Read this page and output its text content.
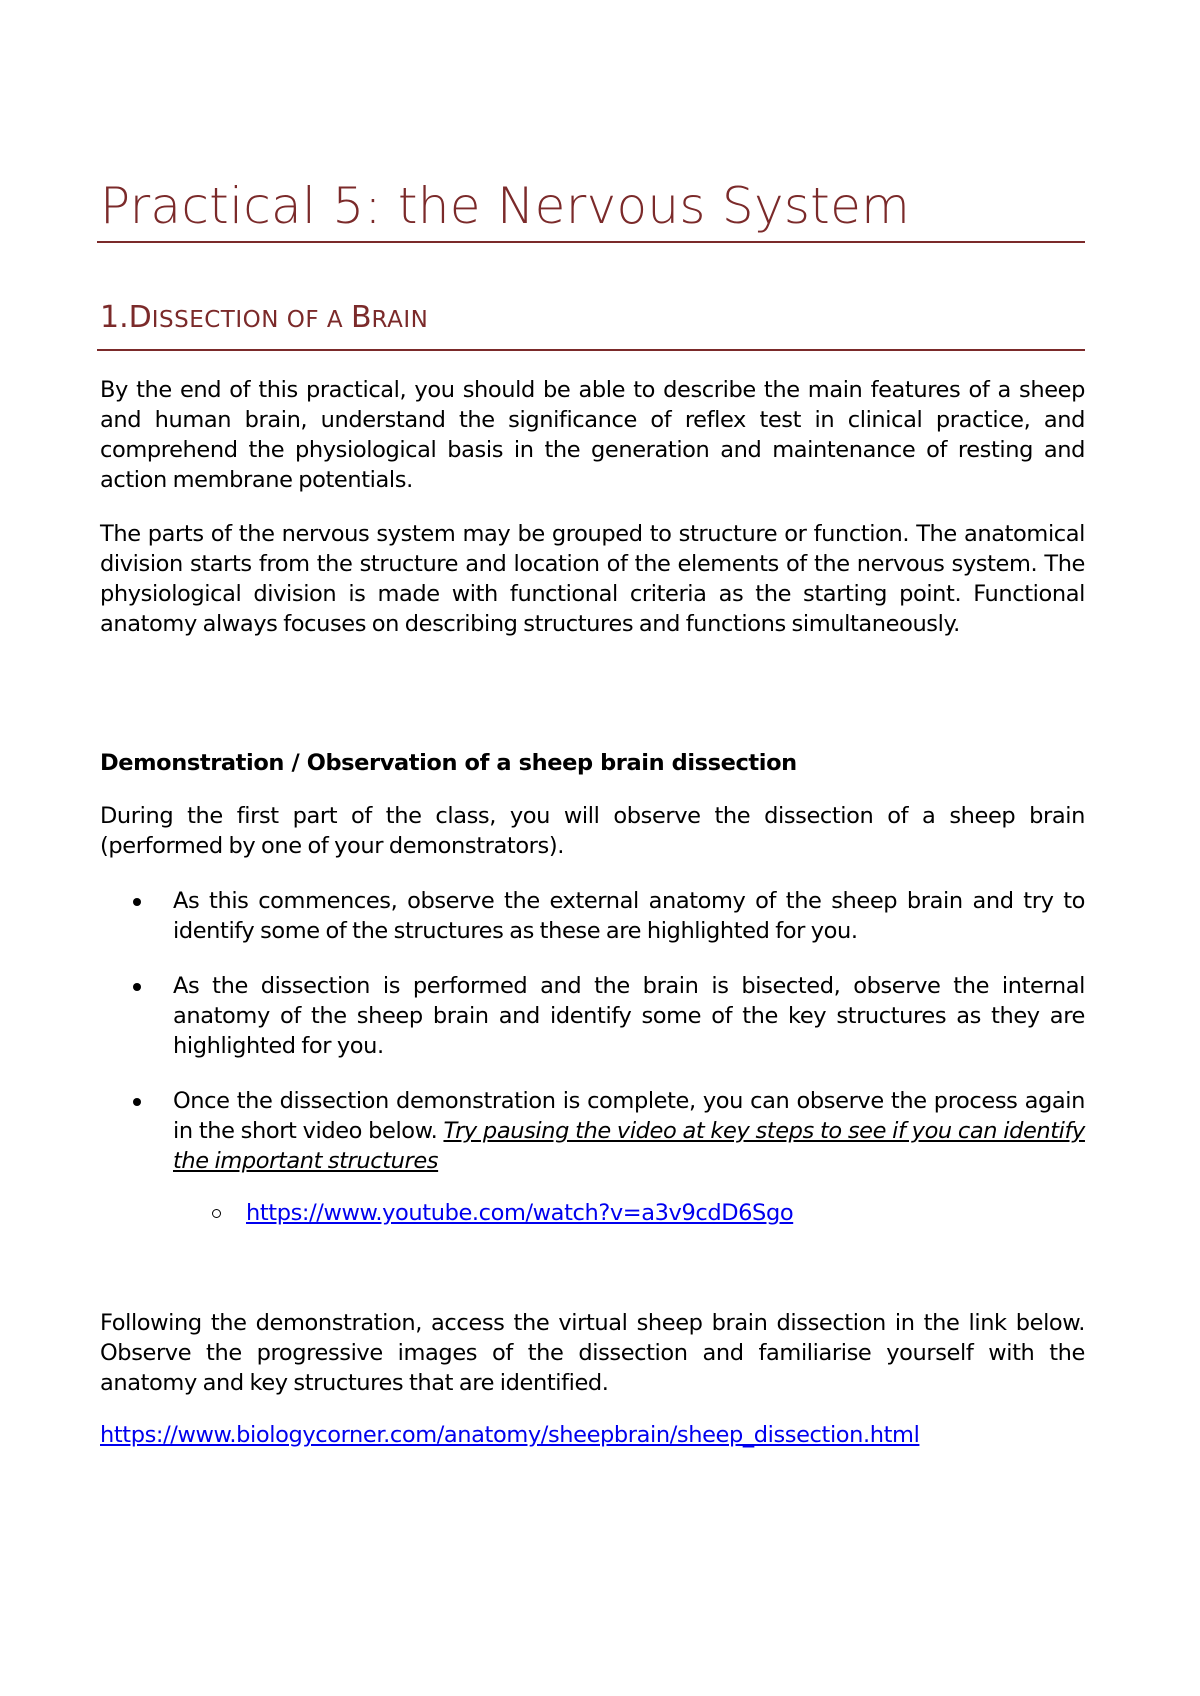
Practical 5: the Nervous System
1.DISSECTION OF A BRAIN

By the end of this practical, you should be able to describe the main features of a sheep and human brain, understand the significance of reflex test in clinical practice, and comprehend the physiological basis in the generation and maintenance of resting and action membrane potentials.

The parts of the nervous system may be grouped to structure or function. The anatomical division starts from the structure and location of the elements of the nervous system. The physiological division is made with functional criteria as the starting point. Functional anatomy always focuses on describing structures and functions simultaneously.

Demonstration / Observation of a sheep brain dissection

During the first part of the class, you will observe the dissection of a sheep brain (performed by one of your demonstrators).

As this commences, observe the external anatomy of the sheep brain and try to identify some of the structures as these are highlighted for you.
As the dissection is performed and the brain is bisected, observe the internal anatomy of the sheep brain and identify some of the key structures as they are highlighted for you.
Once the dissection demonstration is complete, you can observe the process again in the short video below. Try pausing the video at key steps to see if you can identify the important structures
https://www.youtube.com/watch?v=a3v9cdD6Sgo

Following the demonstration, access the virtual sheep brain dissection in the link below. Observe the progressive images of the dissection and familiarise yourself with the anatomy and key structures that are identified.

https://www.biologycorner.com/anatomy/sheepbrain/sheep_dissection.html
